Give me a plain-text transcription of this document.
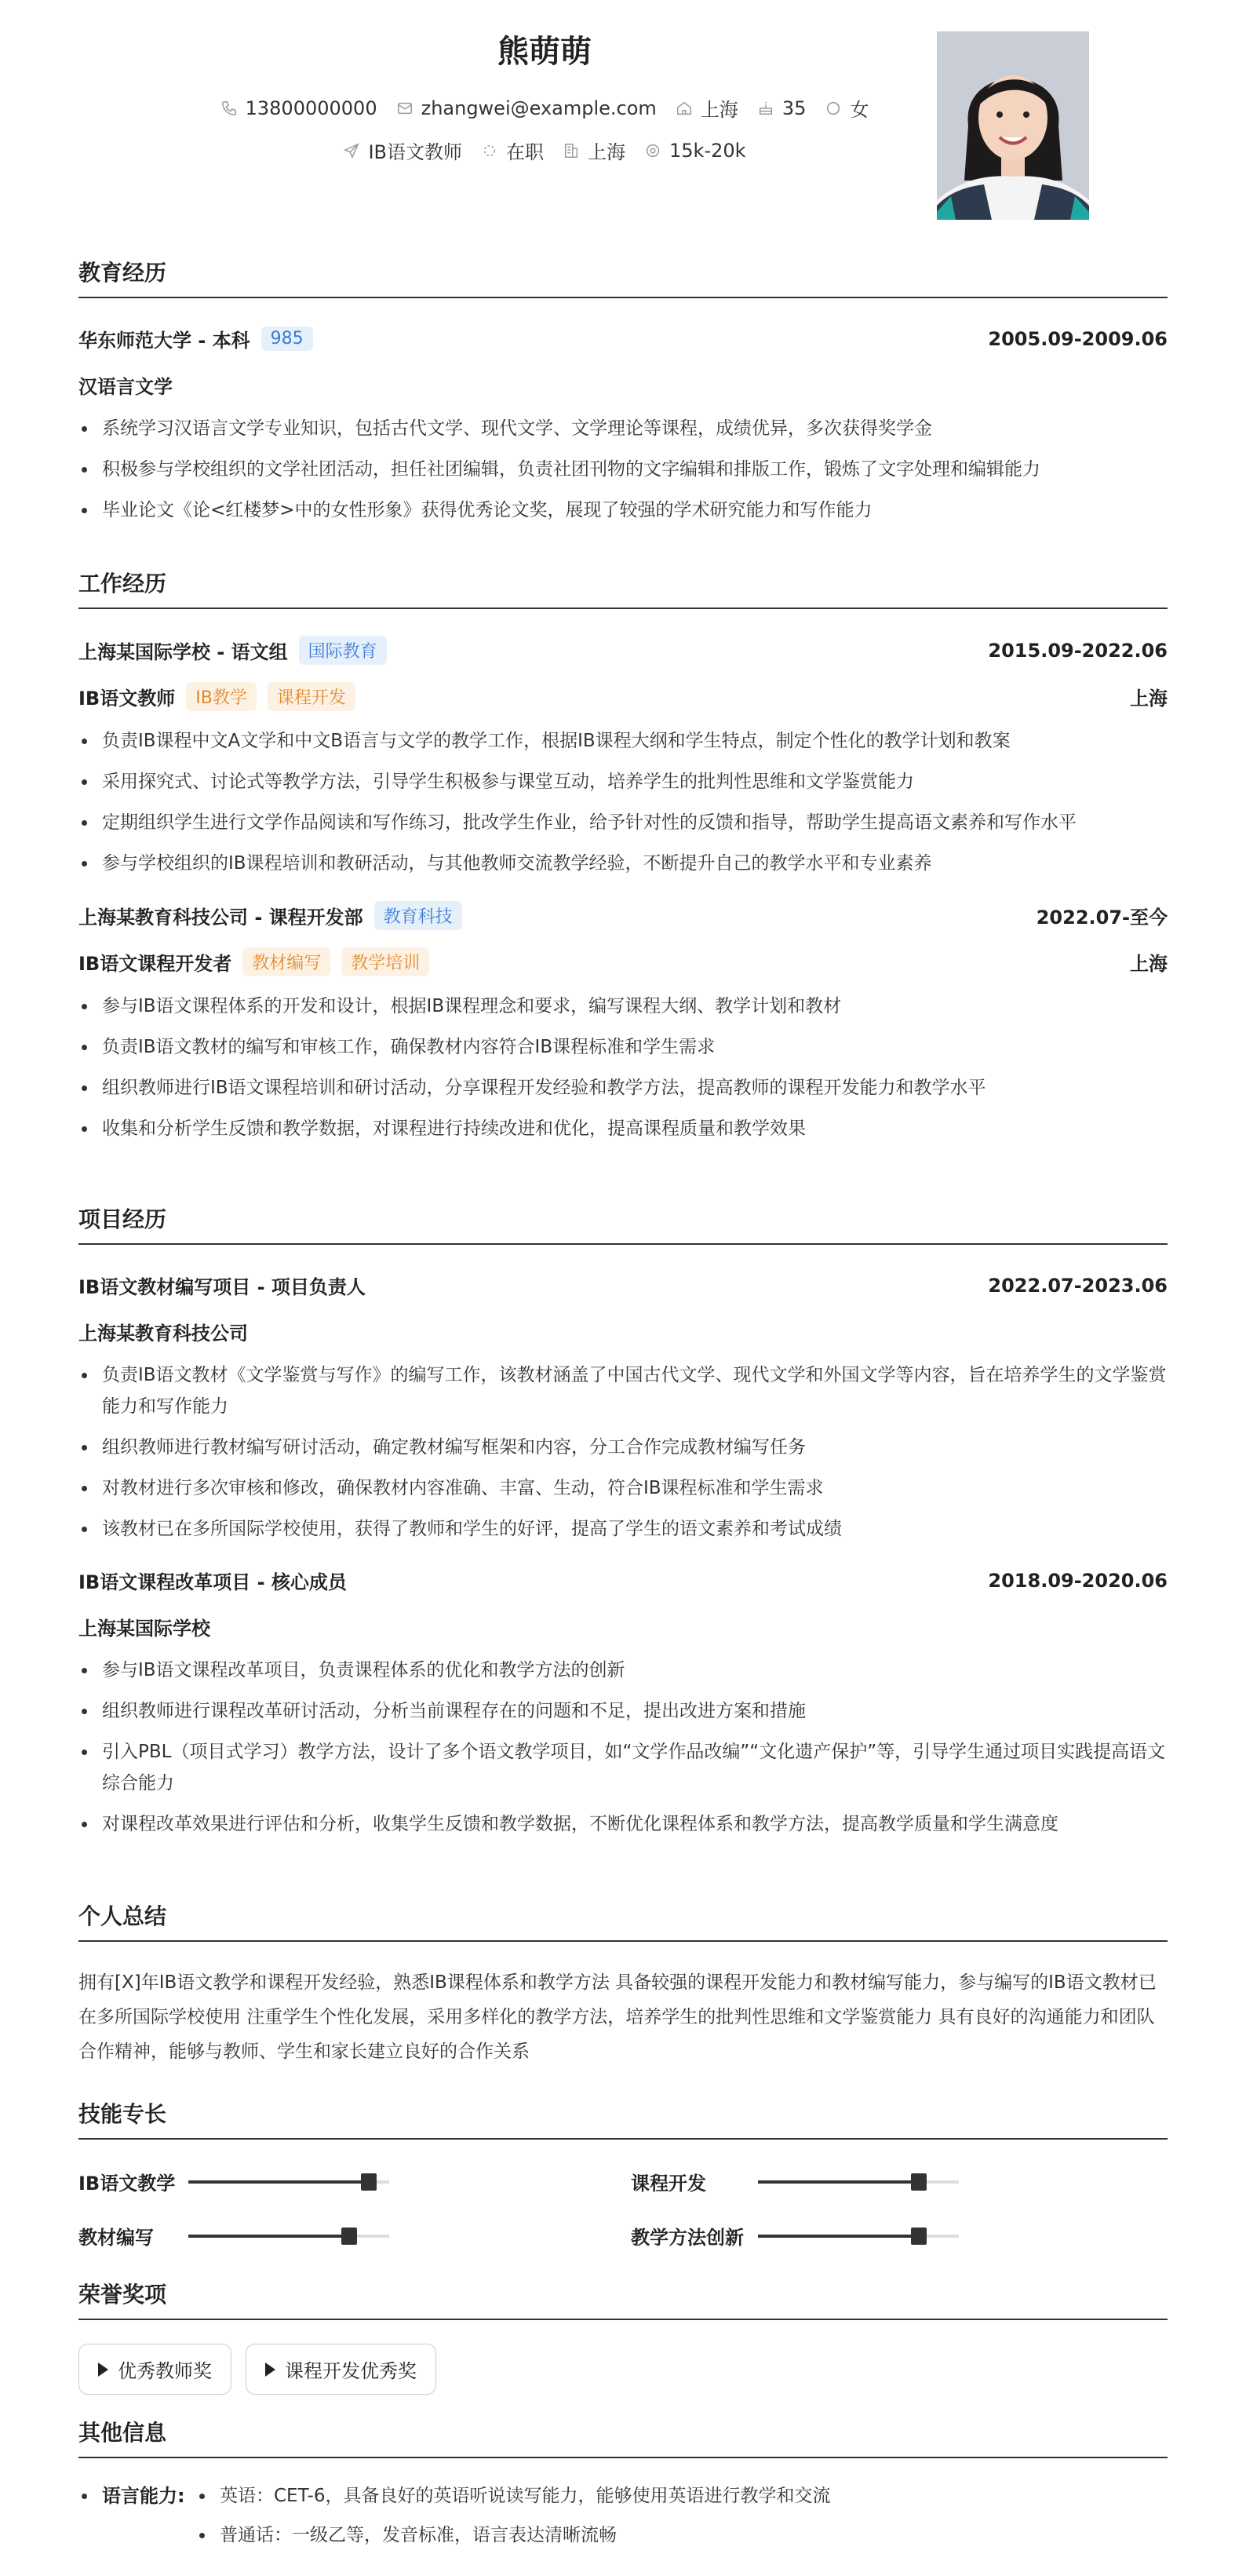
熊萌萌
13800000000 zhangwei@example.com 上海 35 女
IB语文教师 在职 上海 15k-20k
教育经历
华东师范大学 - 本科	985	2005.09-2009.06
汉语言文学
系统学习汉语言文学专业知识，包括古代文学、现代文学、文学理论等课程，成绩优异，多次获得奖学金
积极参与学校组织的文学社团活动，担任社团编辑，负责社团刊物的文字编辑和排版工作，锻炼了文字处理和编辑能力
毕业论文《论<红楼梦>中的女性形象》获得优秀论文奖，展现了较强的学术研究能力和写作能力
工作经历
上海某国际学校 - 语文组	国际教育	2015.09-2022.06
IB语文教师	IB教学	课程开发	上海
负责IB课程中文A文学和中文B语言与文学的教学工作，根据IB课程大纲和学生特点，制定个性化的教学计划和教案
采用探究式、讨论式等教学方法，引导学生积极参与课堂互动，培养学生的批判性思维和文学鉴赏能力
定期组织学生进行文学作品阅读和写作练习，批改学生作业，给予针对性的反馈和指导，帮助学生提高语文素养和写作水平
参与学校组织的IB课程培训和教研活动，与其他教师交流教学经验，不断提升自己的教学水平和专业素养
上海某教育科技公司 - 课程开发部	教育科技	2022.07-至今
IB语文课程开发者	教材编写	教学培训	上海
参与IB语文课程体系的开发和设计，根据IB课程理念和要求，编写课程大纲、教学计划和教材
负责IB语文教材的编写和审核工作，确保教材内容符合IB课程标准和学生需求
组织教师进行IB语文课程培训和研讨活动，分享课程开发经验和教学方法，提高教师的课程开发能力和教学水平
收集和分析学生反馈和教学数据，对课程进行持续改进和优化，提高课程质量和教学效果
项目经历
IB语文教材编写项目 - 项目负责人	2022.07-2023.06
上海某教育科技公司
负责IB语文教材《文学鉴赏与写作》的编写工作，该教材涵盖了中国古代文学、现代文学和外国文学等内容，旨在培养学生的文学鉴赏能力和写作能力
组织教师进行教材编写研讨活动，确定教材编写框架和内容，分工合作完成教材编写任务
对教材进行多次审核和修改，确保教材内容准确、丰富、生动，符合IB课程标准和学生需求
该教材已在多所国际学校使用，获得了教师和学生的好评，提高了学生的语文素养和考试成绩
IB语文课程改革项目 - 核心成员	2018.09-2020.06
上海某国际学校
参与IB语文课程改革项目，负责课程体系的优化和教学方法的创新
组织教师进行课程改革研讨活动，分析当前课程存在的问题和不足，提出改进方案和措施
引入PBL（项目式学习）教学方法，设计了多个语文教学项目，如“文学作品改编”“文化遗产保护”等，引导学生通过项目实践提高语文综合能力
对课程改革效果进行评估和分析，收集学生反馈和教学数据，不断优化课程体系和教学方法，提高教学质量和学生满意度
个人总结
拥有[X]年IB语文教学和课程开发经验，熟悉IB课程体系和教学方法 具备较强的课程开发能力和教材编写能力，参与编写的IB语文教材已在多所国际学校使用 注重学生个性化发展，采用多样化的教学方法，培养学生的批判性思维和文学鉴赏能力 具有良好的沟通能力和团队合作精神，能够与教师、学生和家长建立良好的合作关系
技能专长
IB语文教学	课程开发
教材编写	教学方法创新
荣誉奖项
优秀教师奖	课程开发优秀奖
其他信息
语言能力:	英语：CET-6，具备良好的英语听说读写能力，能够使用英语进行教学和交流
普通话：一级乙等，发音标准，语言表达清晰流畅
